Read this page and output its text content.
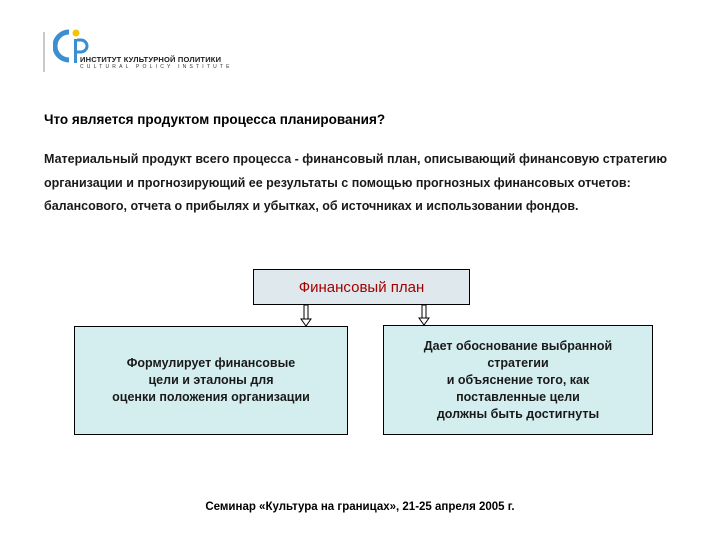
ИНСТИТУТ КУЛЬТУРНОЙ ПОЛИТИКИ
CULTURAL POLICY INSTITUTE
Что является продуктом процесса планирования?
Материальный продукт всего процесса - финансовый план, описывающий финансовую стратегию организации и прогнозирующий ее результаты с помощью прогнозных финансовых отчетов: балансового, отчета о прибылях и убытках, об источниках и использовании фондов.
Финансовый план
Формулирует финансовые
цели и эталоны для
оценки положения организации
Дает обоснование выбранной
стратегии
и объяснение того, как
поставленные цели
должны быть достигнуты
Семинар «Культура на границах», 21-25 апреля 2005 г.
